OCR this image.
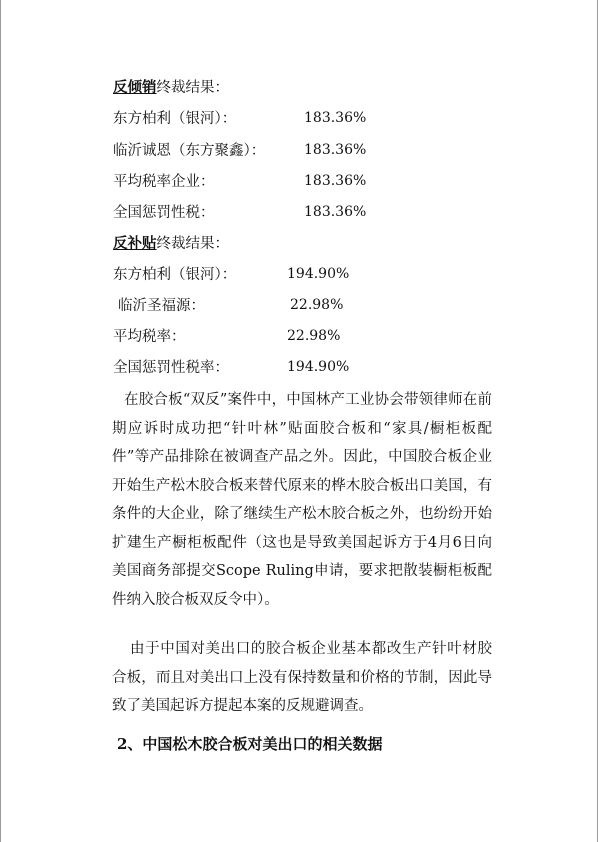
反倾销终裁结果：
东方柏利（银河）：	183.36%
临沂诚恩（东方聚鑫）：	183.36%
平均税率企业：	183.36%
全国惩罚性税：	183.36%
反补贴终裁结果：
东方柏利（银河）：	194.90%
临沂圣福源：	22.98%
平均税率：	22.98%
全国惩罚性税率：	194.90%
在胶合板“双反”案件中，中国林产工业协会带领律师在前期应诉时成功把“针叶林”贴面胶合板和“家具/橱柜板配件”等产品排除在被调查产品之外。因此，中国胶合板企业开始生产松木胶合板来替代原来的桦木胶合板出口美国，有条件的大企业，除了继续生产松木胶合板之外，也纷纷开始扩建生产橱柜板配件（这也是导致美国起诉方于4月6日向美国商务部提交Scope Ruling申请，要求把散装橱柜板配件纳入胶合板双反令中）。
由于中国对美出口的胶合板企业基本都改生产针叶材胶合板，而且对美出口上没有保持数量和价格的节制，因此导致了美国起诉方提起本案的反规避调查。
2、中国松木胶合板对美出口的相关数据
